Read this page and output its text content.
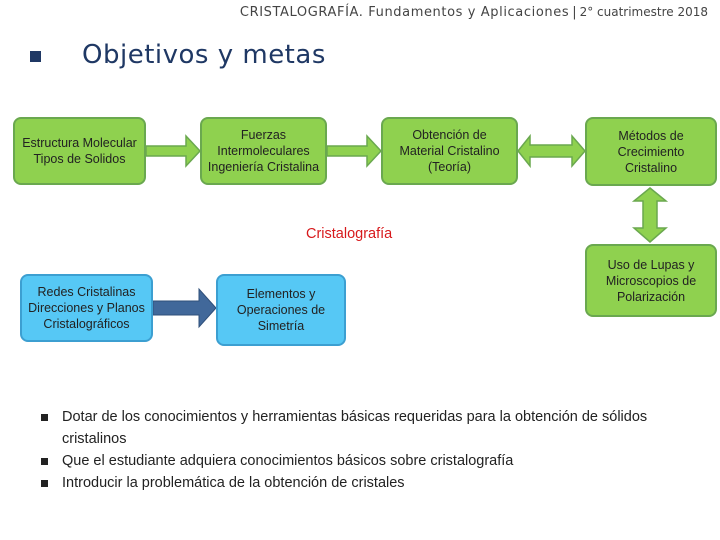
CRISTALOGRAFÍA. Fundamentos y Aplicaciones | 2° cuatrimestre 2018
Objetivos y metas
Estructura Molecular
Tipos de Solidos
Fuerzas
Intermoleculares
Ingeniería Cristalina
Obtención de
Material Cristalino
(Teoría)
Métodos de
Crecimiento
Cristalino
Cristalografía
Redes Cristalinas
Direcciones y Planos
Cristalográficos
Elementos y
Operaciones de
Simetría
Uso de Lupas y
Microscopios de
Polarización
Dotar de los conocimientos y herramientas básicas requeridas para la obtención de sólidos cristalinos
Que el estudiante adquiera conocimientos básicos sobre cristalografía
Introducir la problemática de la obtención de cristales
